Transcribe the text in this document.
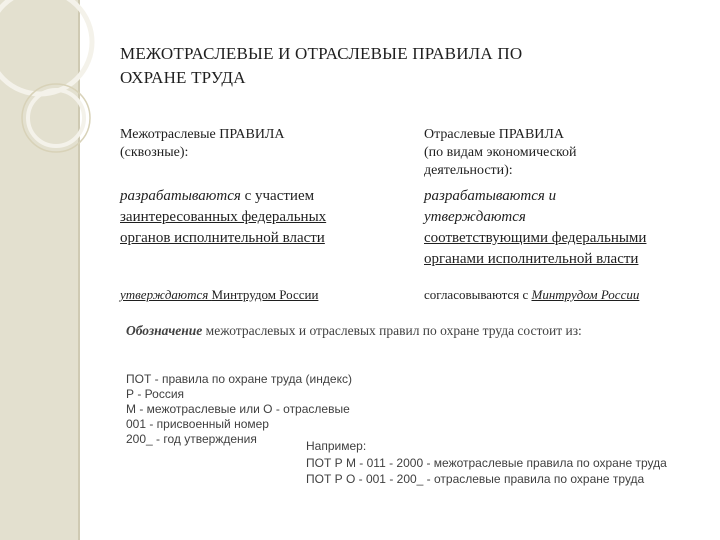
МЕЖОТРАСЛЕВЫЕ И ОТРАСЛЕВЫЕ ПРАВИЛА ПО
ОХРАНЕ ТРУДА
Межотраслевые ПРАВИЛА
(сквозные):
разрабатываются с участием
заинтересованных федеральных
органов исполнительной власти
утверждаются Минтрудом России
Отраслевые ПРАВИЛА
(по видам экономической
деятельности):
разрабатываются и
утверждаются
соответствующими федеральными
органами исполнительной власти
согласовываются с Минтрудом России
Обозначение межотраслевых и отраслевых правил по охране труда состоит из:
ПОТ - правила по охране труда (индекс)
Р - Россия
М - межотраслевые или О - отраслевые
001 - присвоенный номер
200_ - год утверждения	Например:
ПОТ Р М - 011 - 2000 - межотраслевые правила по охране труда
ПОТ Р О - 001 - 200_ - отраслевые правила по охране труда
